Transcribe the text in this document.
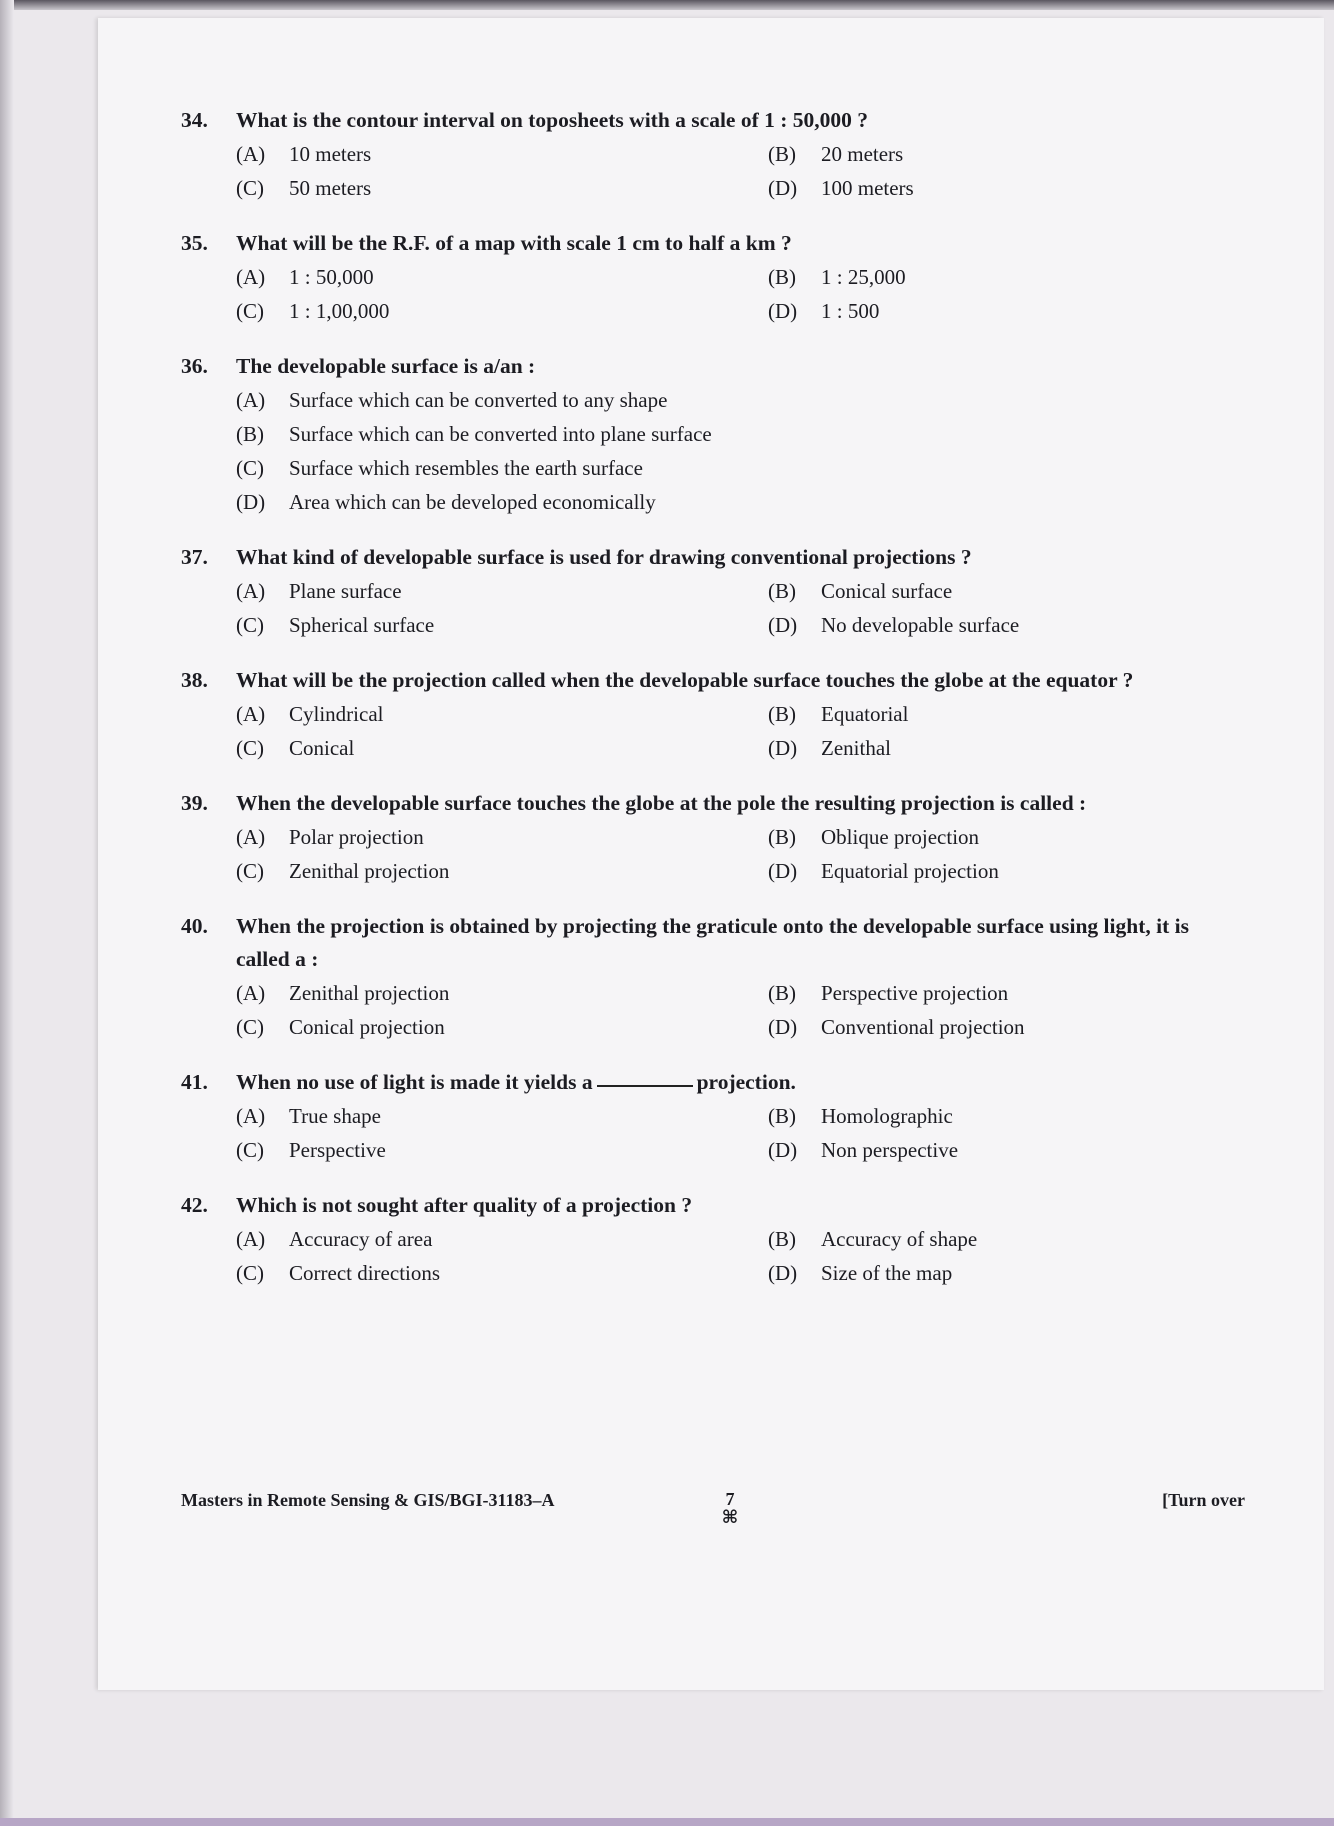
34.	What is the contour interval on toposheets with a scale of 1 : 50,000 ?
(A)	10 meters	(B)	20 meters
(C)	50 meters	(D)	100 meters
35.	What will be the R.F. of a map with scale 1 cm to half a km ?
(A)	1 : 50,000	(B)	1 : 25,000
(C)	1 : 1,00,000	(D)	1 : 500
36.	The developable surface is a/an :
(A)	Surface which can be converted to any shape
(B)	Surface which can be converted into plane surface
(C)	Surface which resembles the earth surface
(D)	Area which can be developed economically
37.	What kind of developable surface is used for drawing conventional projections ?
(A)	Plane surface	(B)	Conical surface
(C)	Spherical surface	(D)	No developable surface
38.	What will be the projection called when the developable surface touches the globe at the equator ?
(A)	Cylindrical	(B)	Equatorial
(C)	Conical	(D)	Zenithal
39.	When the developable surface touches the globe at the pole the resulting projection is called :
(A)	Polar projection	(B)	Oblique projection
(C)	Zenithal projection	(D)	Equatorial projection
40.	When the projection is obtained by projecting the graticule onto the developable surface using light, it is called a :
(A)	Zenithal projection	(B)	Perspective projection
(C)	Conical projection	(D)	Conventional projection
41.	When no use of light is made it yields a	projection.
(A)	True shape	(B)	Homolographic
(C)	Perspective	(D)	Non perspective
42.	Which is not sought after quality of a projection ?
(A)	Accuracy of area	(B)	Accuracy of shape
(C)	Correct directions	(D)	Size of the map
Masters in Remote Sensing & GIS/BGI-31183–A	7
⌘
[Turn over
